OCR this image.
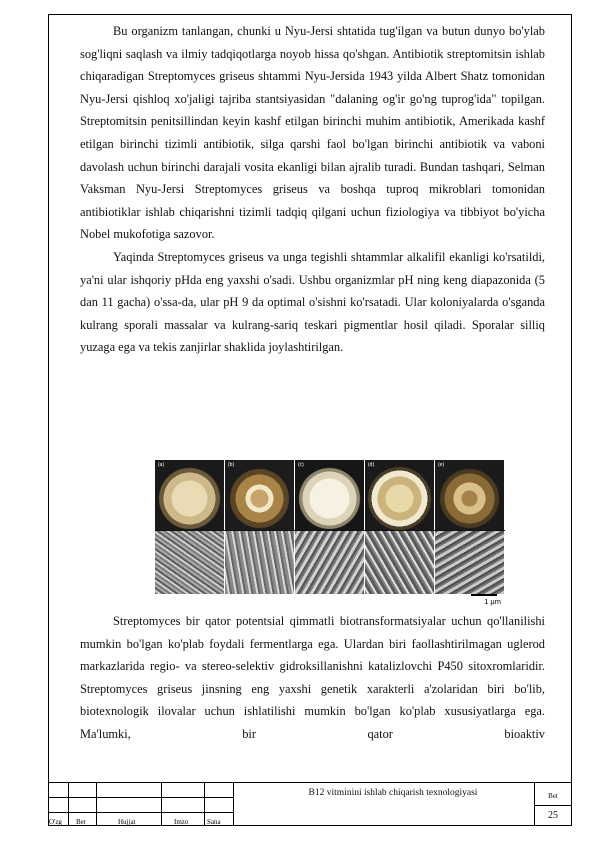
Bu organizm tanlangan, chunki u Nyu-Jersi shtatida tug'ilgan va butun dunyo bo'ylab sog'liqni saqlash va ilmiy tadqiqotlarga noyob hissa qo'shgan. Antibiotik streptomitsin ishlab chiqaradigan Streptomyces griseus shtammi Nyu-Jersida 1943 yilda Albert Shatz tomonidan Nyu-Jersi qishloq xo'jaligi tajriba stantsiyasidan "dalaning og'ir go'ng tuprog'ida" topilgan. Streptomitsin penitsillindan keyin kashf etilgan birinchi muhim antibiotik, Amerikada kashf etilgan birinchi tizimli antibiotik, silga qarshi faol bo'lgan birinchi antibiotik va vaboni davolash uchun birinchi darajali vosita ekanligi bilan ajralib turadi. Bundan tashqari, Selman Vaksman Nyu-Jersi Streptomyces griseus va boshqa tuproq mikroblari tomonidan antibiotiklar ishlab chiqarishni tizimli tadqiq qilgani uchun fiziologiya va tibbiyot bo'yicha Nobel mukofotiga sazovor.

Yaqinda Streptomyces griseus va unga tegishli shtammlar alkalifil ekanligi ko'rsatildi, ya'ni ular ishqoriy pHda eng yaxshi o'sadi. Ushbu organizmlar pH ning keng diapazonida (5 dan 11 gacha) o'ssa-da, ular pH 9 da optimal o'sishni ko'rsatadi. Ular koloniyalarda o'sganda kulrang sporali massalar va kulrang-sariq teskari pigmentlar hosil qiladi. Sporalar silliq yuzaga ega va tekis zanjirlar shaklida joylashtirilgan.

(a)	(b)	(c)	(d)	(e)
1 μm

Streptomyces bir qator potentsial qimmatli biotransformatsiyalar uchun qo'llanilishi mumkin bo'lgan ko'plab foydali fermentlarga ega. Ulardan biri faollashtirilmagan uglerod markazlarida regio- va stereo-selektiv gidroksillanishni katalizlovchi P450 sitoxromlaridir. Streptomyces griseus jinsning eng yaxshi genetik xarakterli a'zolaridan biri bo'lib, biotexnologik ilovalar uchun ishlatilishi mumkin bo'lgan ko'plab xususiyatlarga ega. Ma'lumki, bir qator bioaktiv

O'zg Bet	Hujjat	Imzo	Sana
B12 vitminini ishlab chiqarish texnologiyasi	Bet
25
